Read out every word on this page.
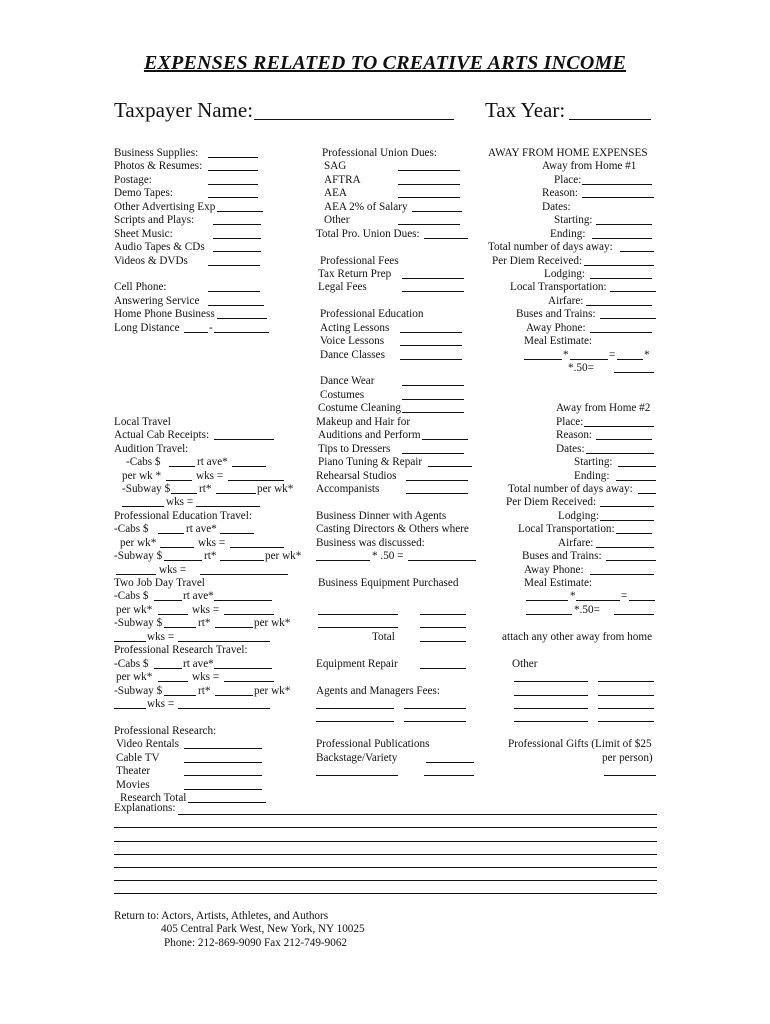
EXPENSES RELATED TO CREATIVE ARTS INCOME
Taxpayer Name:	Tax Year:
Business Supplies:
Photos & Resumes:
Postage:
Demo Tapes:
Other Advertising Exp
Scripts and Plays:
Sheet Music:
Audio Tapes & CDs
Videos & DVDs
Cell Phone:
Answering Service
Home Phone Business
Long Distance	-
Local Travel
Actual Cab Receipts:
Audition Travel:
-Cabs $	rt ave*
per wk *	wks =
-Subway $	rt*	per wk*
wks =
Professional Education Travel:
-Cabs $	rt ave*
per wk*	wks =
-Subway $	rt*	per wk*
wks =
Two Job Day Travel
-Cabs $	rt ave*
per wk*	wks =
-Subway $	rt*	per wk*
wks =
Professional Research Travel:
-Cabs $	rt ave*
per wk*	wks =
-Subway $	rt*	per wk*
wks =
Professional Research:
Video Rentals
Cable TV
Theater
Movies
Research Total
Professional Union Dues:
SAG
AFTRA
AEA
AEA 2% of Salary
Other
Total Pro. Union Dues:
Professional Fees
Tax Return Prep
Legal Fees
Professional Education
Acting Lessons
Voice Lessons
Dance Classes
Dance Wear
Costumes
Costume Cleaning
Makeup and Hair for
Auditions and Perform
Tips to Dressers
Piano Tuning & Repair
Rehearsal Studios
Accompanists
Business Dinner with Agents
Casting Directors & Others where
Business was discussed:
* .50 =
Business Equipment Purchased
Total
Equipment Repair
Agents and Managers Fees:
Professional Publications
Backstage/Variety
AWAY FROM HOME EXPENSES
Away from Home #1
Place:
Reason:
Dates:
Starting:
Ending:
Total number of days away:
Per Diem Received:
Lodging:
Local Transportation:
Airfare:
Buses and Trains:
Away Phone:
Meal Estimate:
*	=	*
*.50=
Away from Home #2
Place:
Reason:
Dates:
Starting:
Ending:
Total number of days away:
Per Diem Received:
Lodging:
Local Transportation:
Airfare:
Buses and Trains:
Away Phone:
Meal Estimate:
*	=
*.50=
attach any other away from home
Other
Professional Gifts (Limit of $25
per person)
Explanations:
Return to: Actors, Artists, Athletes, and Authors
405 Central Park West, New York, NY 10025
Phone: 212-869-9090 Fax 212-749-9062
